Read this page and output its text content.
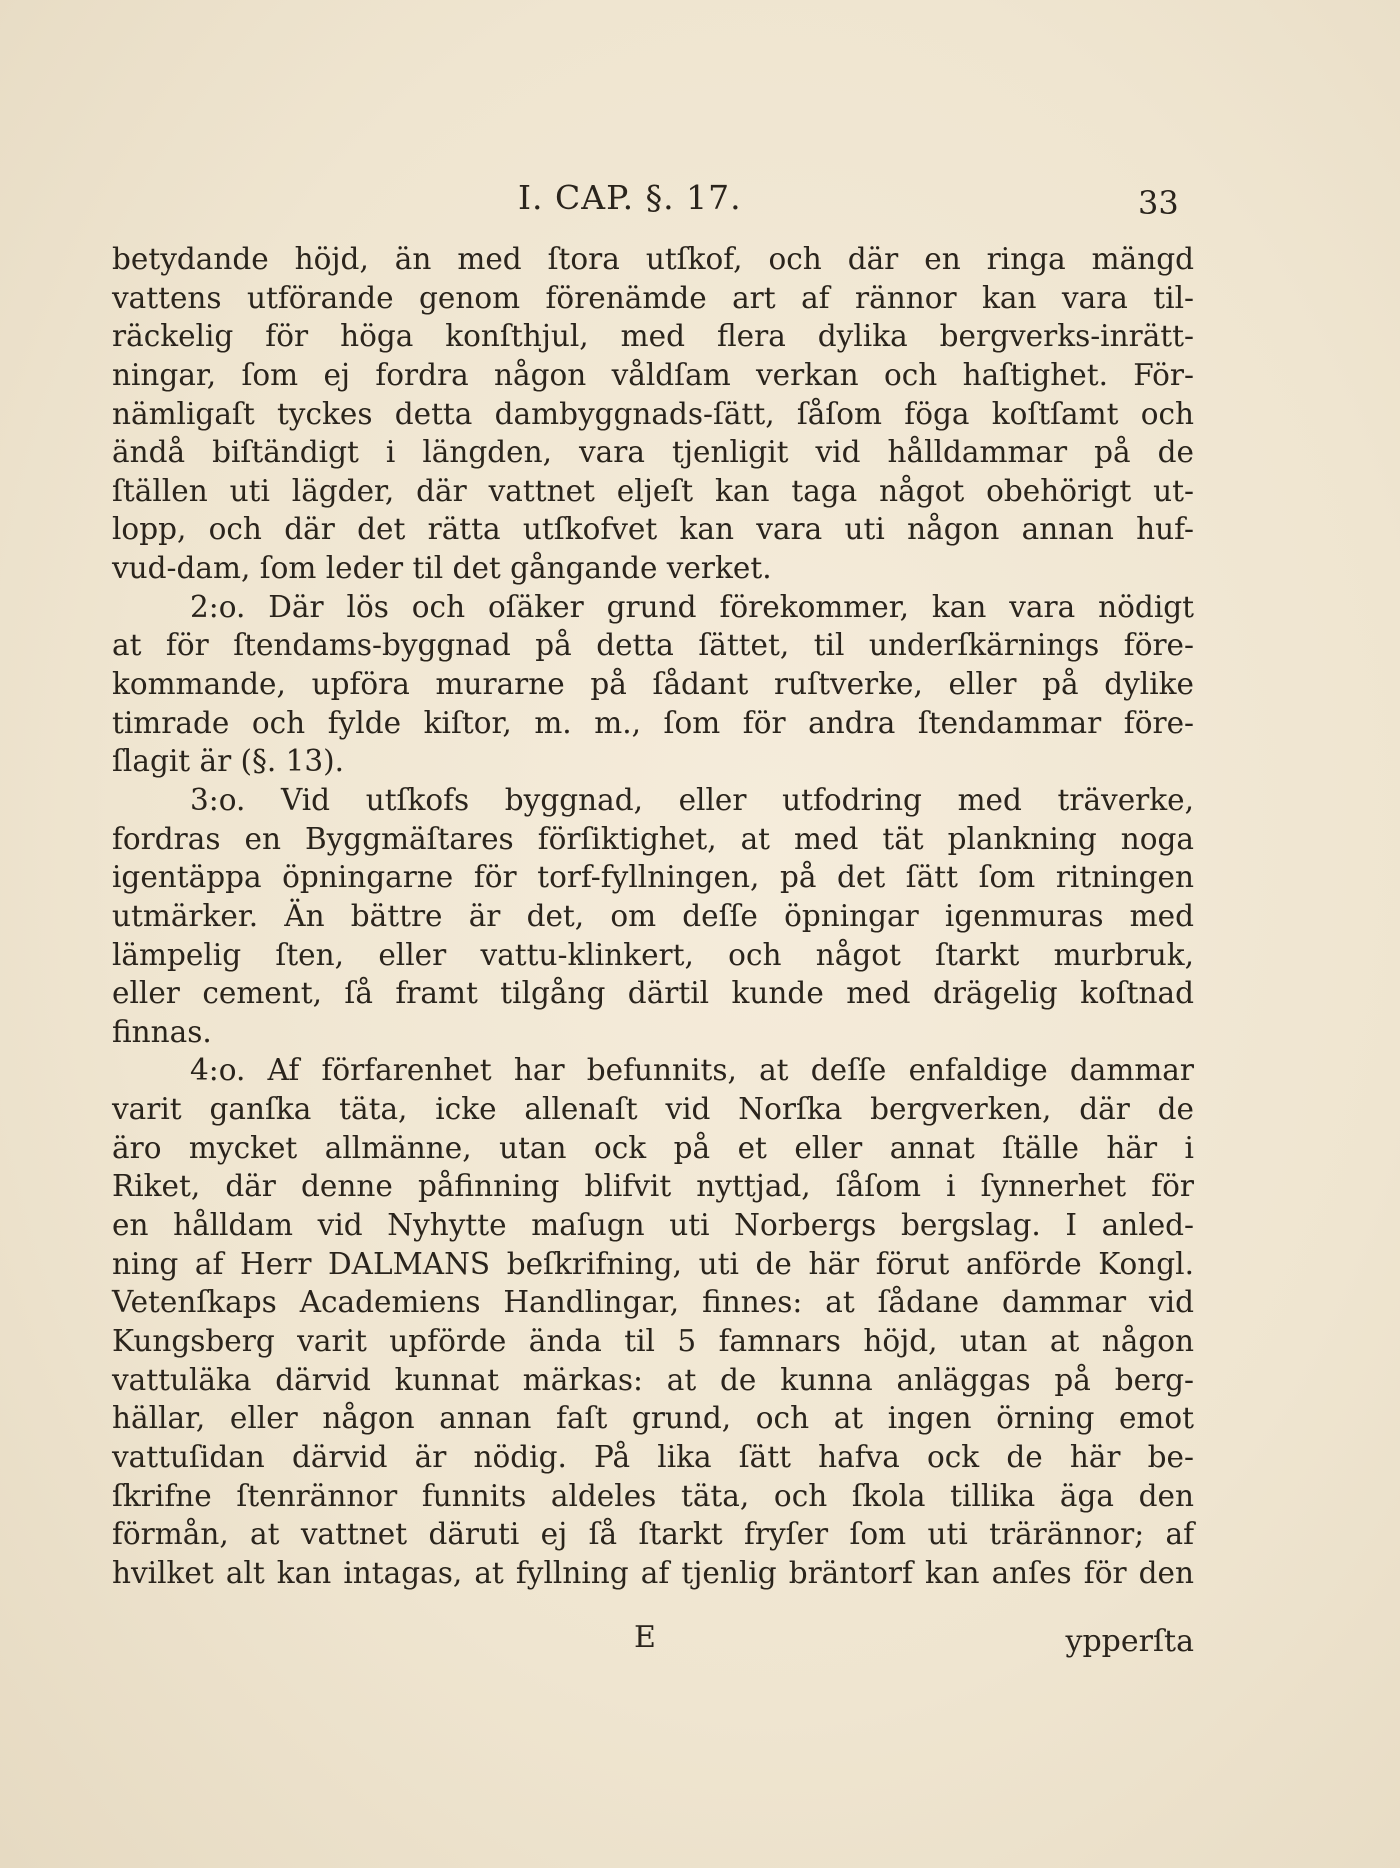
I. CAP. §. 17.	33
betydande höjd, än med ſtora utſkof, och där en ringa mängd
vattens utförande genom förenämde art af rännor kan vara til-
räckelig för höga konſthjul, med flera dylika bergverks-inrätt-
ningar, ſom ej fordra någon våldſam verkan och haſtighet. För-
nämligaſt tyckes detta dambyggnads-ſätt, ſåſom föga koſtſamt och
ändå biſtändigt i längden, vara tjenligit vid hålldammar på de
ſtällen uti lägder, där vattnet eljeſt kan taga något obehörigt ut-
lopp, och där det rätta utſkofvet kan vara uti någon annan huf-
vud-dam, ſom leder til det gångande verket.
2:o. Där lös och oſäker grund förekommer, kan vara nödigt
at för ſtendams-byggnad på detta ſättet, til underſkärnings före-
kommande, upföra murarne på ſådant ruſtverke, eller på dylike
timrade och fylde kiſtor, m. m., ſom för andra ſtendammar före-
ſlagit är (§. 13).
3:o. Vid utſkofs byggnad, eller utfodring med träverke,
fordras en Byggmäſtares förſiktighet, at med tät plankning noga
igentäppa öpningarne för torf-fyllningen, på det ſätt ſom ritningen
utmärker. Än bättre är det, om deſſe öpningar igenmuras med
lämpelig ſten, eller vattu-klinkert, och något ſtarkt murbruk,
eller cement, ſå framt tilgång därtil kunde med drägelig koſtnad
finnas.
4:o. Af förfarenhet har befunnits, at deſſe enfaldige dammar
varit ganſka täta, icke allenaſt vid Norſka bergverken, där de
äro mycket allmänne, utan ock på et eller annat ſtälle här i
Riket, där denne påfinning blifvit nyttjad, ſåſom i ſynnerhet för
en hålldam vid Nyhytte maſugn uti Norbergs bergslag. I anled-
ning af Herr DALMANS beſkrifning, uti de här förut anförde Kongl.
Vetenſkaps Academiens Handlingar, finnes: at ſådane dammar vid
Kungsberg varit upförde ända til 5 famnars höjd, utan at någon
vattuläka därvid kunnat märkas: at de kunna anläggas på berg-
hällar, eller någon annan faſt grund, och at ingen örning emot
vattuſidan därvid är nödig. På lika ſätt hafva ock de här be-
ſkrifne ſtenrännor funnits aldeles täta, och ſkola tillika äga den
förmån, at vattnet däruti ej ſå ſtarkt fryſer ſom uti trärännor; af
hvilket alt kan intagas, at fyllning af tjenlig bräntorf kan anſes för den
E	ypperſta
